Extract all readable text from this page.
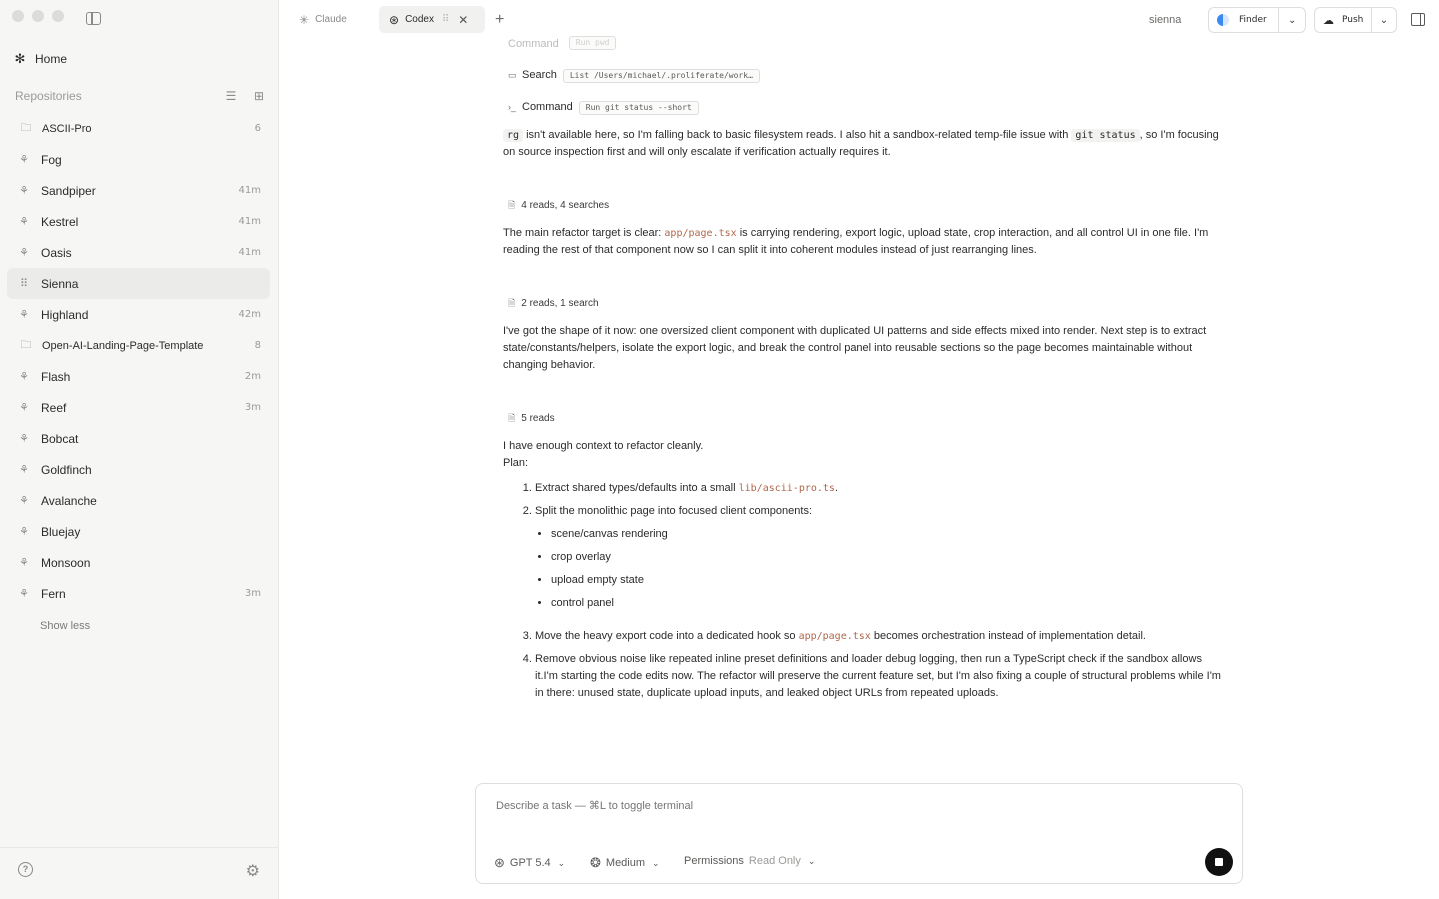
✻ Home
Repositories	☰ ⊞
🗀 ASCII-Pro	6
⚘ Fog
⚘ Sandpiper	41m
⚘ Kestrel	41m
⚘ Oasis	41m
⠿ Sienna
⚘ Highland	42m
🗀 Open-AI-Landing-Page-Template	8
⚘ Flash	2m
⚘ Reef	3m
⚘ Bobcat
⚘ Goldfinch
⚘ Avalanche
⚘ Bluejay
⚘ Monsoon
⚘ Fern	3m
Show less
?	⚙
✳ Claude	⊛ Codex ⠿ ✕ +	sienna	Finder	⌄	☁ Push	⌄
Command	Run pwd
▭ Search	List /Users/michael/.proliferate/work…
›_ Command	Run git status --short

rg isn't available here, so I'm falling back to basic filesystem reads. I also hit a sandbox-related temp-file issue with git status , so I'm focusing on source inspection first and will only escalate if verification actually requires it.

🗎 4 reads, 4 searches

The main refactor target is clear: app/page.tsx is carrying rendering, export logic, upload state, crop interaction, and all control UI in one file. I'm reading the rest of that component now so I can split it into coherent modules instead of just rearranging lines.

🗎 2 reads, 1 search

I've got the shape of it now: one oversized client component with duplicated UI patterns and side effects mixed into render. Next step is to extract state/constants/helpers, isolate the export logic, and break the control panel into reusable sections so the page becomes maintainable without changing behavior.

🗎 5 reads

I have enough context to refactor cleanly.
Plan:

1. Extract shared types/defaults into a small lib/ascii-pro.ts.
2. Split the monolithic page into focused client components:
• scene/canvas rendering
• crop overlay
• upload empty state
• control panel
3. Move the heavy export code into a dedicated hook so app/page.tsx becomes orchestration instead of implementation detail.
4. Remove obvious noise like repeated inline preset definitions and loader debug logging, then run a TypeScript check if the sandbox allows it.I'm starting the code edits now. The refactor will preserve the current feature set, but I'm also fixing a couple of structural problems while I'm in there: unused state, duplicate upload inputs, and leaked object URLs from repeated uploads.
Describe a task — ⌘L to toggle terminal
⊛ GPT 5.4 ⌄ ❂ Medium ⌄ Permissions Read Only ⌄
